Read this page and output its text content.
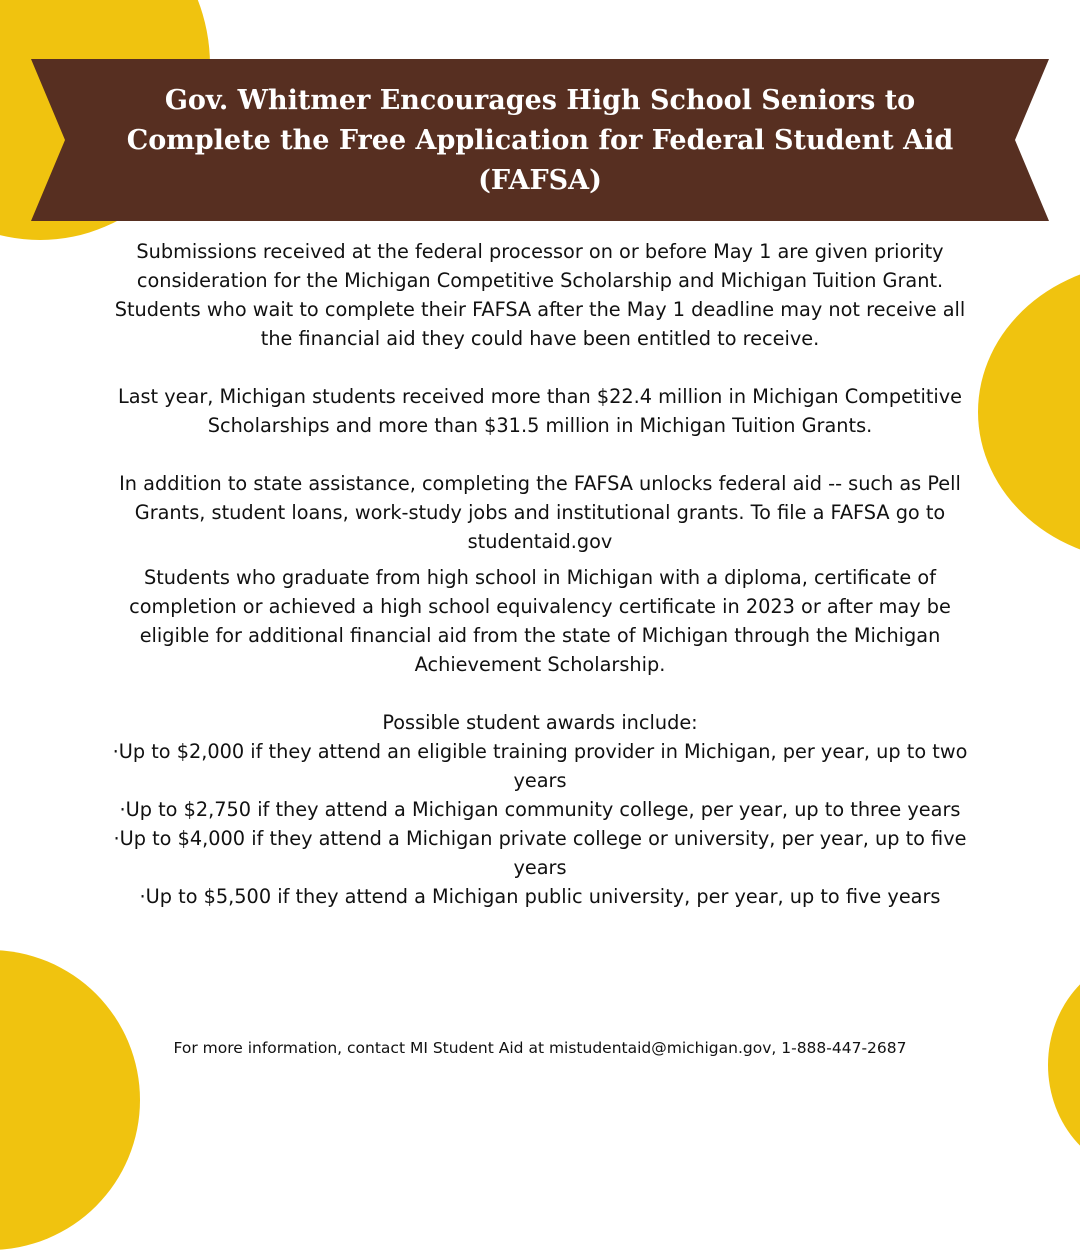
Gov. Whitmer Encourages High School Seniors to Complete the Free Application for Federal Student Aid (FAFSA)

Submissions received at the federal processor on or before May 1 are given priority consideration for the Michigan Competitive Scholarship and Michigan Tuition Grant. Students who wait to complete their FAFSA after the May 1 deadline may not receive all the financial aid they could have been entitled to receive.

Last year, Michigan students received more than $22.4 million in Michigan Competitive Scholarships and more than $31.5 million in Michigan Tuition Grants.

In addition to state assistance, completing the FAFSA unlocks federal aid -- such as Pell Grants, student loans, work-study jobs and institutional grants. To file a FAFSA go to studentaid.gov

Students who graduate from high school in Michigan with a diploma, certificate of completion or achieved a high school equivalency certificate in 2023 or after may be eligible for additional financial aid from the state of Michigan through the Michigan Achievement Scholarship.

Possible student awards include:

·Up to $2,000 if they attend an eligible training provider in Michigan, per year, up to two years
·Up to $2,750 if they attend a Michigan community college, per year, up to three years
·Up to $4,000 if they attend a Michigan private college or university, per year, up to five years
·Up to $5,500 if they attend a Michigan public university, per year, up to five years
For more information, contact MI Student Aid at mistudentaid@michigan.gov, 1-888-447-2687
